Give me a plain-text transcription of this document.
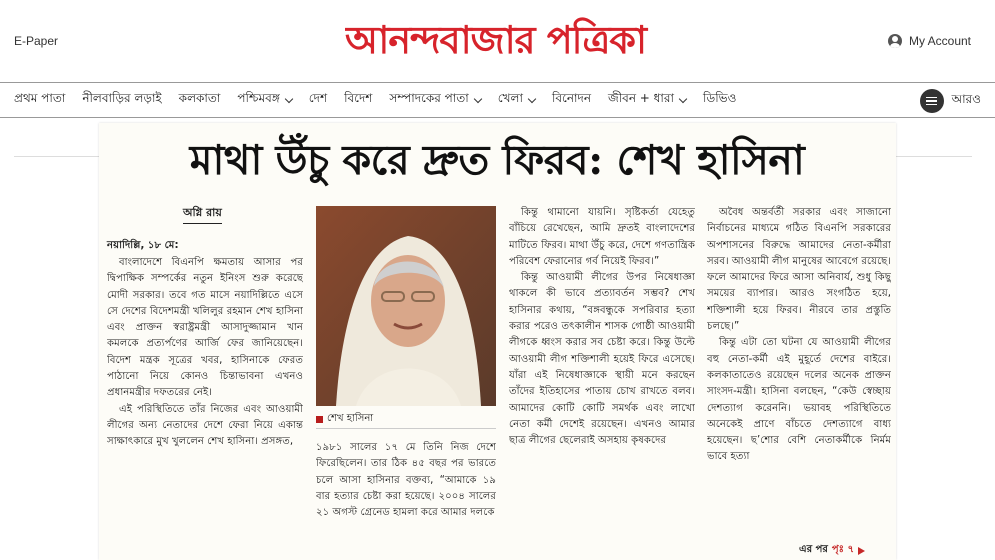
E-Paper	আনন্দবাজার পত্রিকা	My Account
প্রথম পাতা নীলবাড়ির লড়াই কলকাতা পশ্চিমবঙ্গ দেশ বিদেশ সম্পাদকের পাতা খেলা বিনোদন জীবন + ধারা ডিভিও	আরও
মাথা উঁচু করে দ্রুত ফিরব: শেখ হাসিনা
অগ্নি রায়
নয়াদিল্লি, ১৮ মে:

বাংলাদেশে বিএনপি ক্ষমতায় আসার পর দ্বিপাক্ষিক সম্পর্কের নতুন ইনিংস শুরু করেছে মোদী সরকার। তবে গত মাসে নয়াদিল্লিতে এসে সে দেশের বিদেশমন্ত্রী খলিলুর রহমান শেখ হাসিনা এবং প্রাক্তন স্বরাষ্ট্রমন্ত্রী আসাদুজ্জামান খান কমলকে প্রত্যর্পণের আর্জি ফের জানিয়েছেন। বিদেশ মন্ত্রক সূত্রের খবর, হাসিনাকে ফেরত পাঠানো নিয়ে কোনও চিন্তাভাবনা এখনও প্রধানমন্ত্রীর দফতরের নেই।

এই পরিস্থিতিতে তাঁর নিজের এবং আওয়ামী লীগের অন্য নেতাদের দেশে ফেরা নিয়ে একান্ত সাক্ষাৎকারে মুখ খুললেন শেখ হাসিনা। প্রসঙ্গত,

শেখ হাসিনা

১৯৮১ সালের ১৭ মে তিনি নিজ দেশে ফিরেছিলেন। তার ঠিক ৪৫ বছর পর ভারতে চলে আসা হাসিনার বক্তব্য, “আমাকে ১৯ বার হত্যার চেষ্টা করা হয়েছে। ২০০৪ সালের ২১ অগস্ট গ্রেনেড হামলা করে আমার দলকে

কিন্তু থামানো যায়নি। সৃষ্টিকর্তা যেহেতু বাঁচিয়ে রেখেছেন, আমি দ্রুতই বাংলাদেশের মাটিতে ফিরব। মাথা উঁচু করে, দেশে গণতান্ত্রিক পরিবেশ ফেরানোর গর্ব নিয়েই ফিরব।”

কিন্তু আওয়ামী লীগের উপর নিষেধাজ্ঞা থাকলে কী ভাবে প্রত্যাবর্তন সম্ভব? শেখ হাসিনার কথায়, “বঙ্গবন্ধুকে সপরিবার হত্যা করার পরেও তৎকালীন শাসক গোষ্ঠী আওয়ামী লীগকে ধ্বংস করার সব চেষ্টা করে। কিন্তু উল্টে আওয়ামী লীগ শক্তিশালী হয়েই ফিরে এসেছে। যাঁরা এই নিষেধাজ্ঞাকে স্থায়ী মনে করছেন তাঁদের ইতিহাসের পাতায় চোখ রাখতে বলব। আমাদের কোটি কোটি সমর্থক এবং লাখো নেতা কর্মী দেশেই রয়েছেন। এখনও আমার ছাত্র লীগের ছেলেরাই অসহায় কৃষকদের

অবৈধ অন্তর্বর্তী সরকার এবং সাজানো নির্বাচনের মাধ্যমে গঠিত বিএনপি সরকারের অপশাসনের বিরুদ্ধে আমাদের নেতা-কর্মীরা সরব। আওয়ামী লীগ মানুষের আবেগে রয়েছে। ফলে আমাদের ফিরে আসা অনিবার্য, শুধু কিছু সময়ের ব্যাপার। আরও সংগঠিত হয়ে, শক্তিশালী হয়ে ফিরব। নীরবে তার প্রস্তুতি চলছে।”

কিন্তু এটা তো ঘটনা যে আওয়ামী লীগের বহু নেতা-কর্মী এই মুহূর্তে দেশের বাইরে। কলকাতাতেও রয়েছেন দলের অনেক প্রাক্তন সাংসদ-মন্ত্রী। হাসিনা বলছেন, “কেউ স্বেচ্ছায় দেশত্যাগ করেননি। ভয়াবহ পরিস্থিতিতে অনেকেই প্রাণে বাঁচতে দেশত্যাগে বাধ্য হয়েছেন। ছ’শোর বেশি নেতাকর্মীকে নির্মম ভাবে হত্যা

এর পর পৃঃ ৭
